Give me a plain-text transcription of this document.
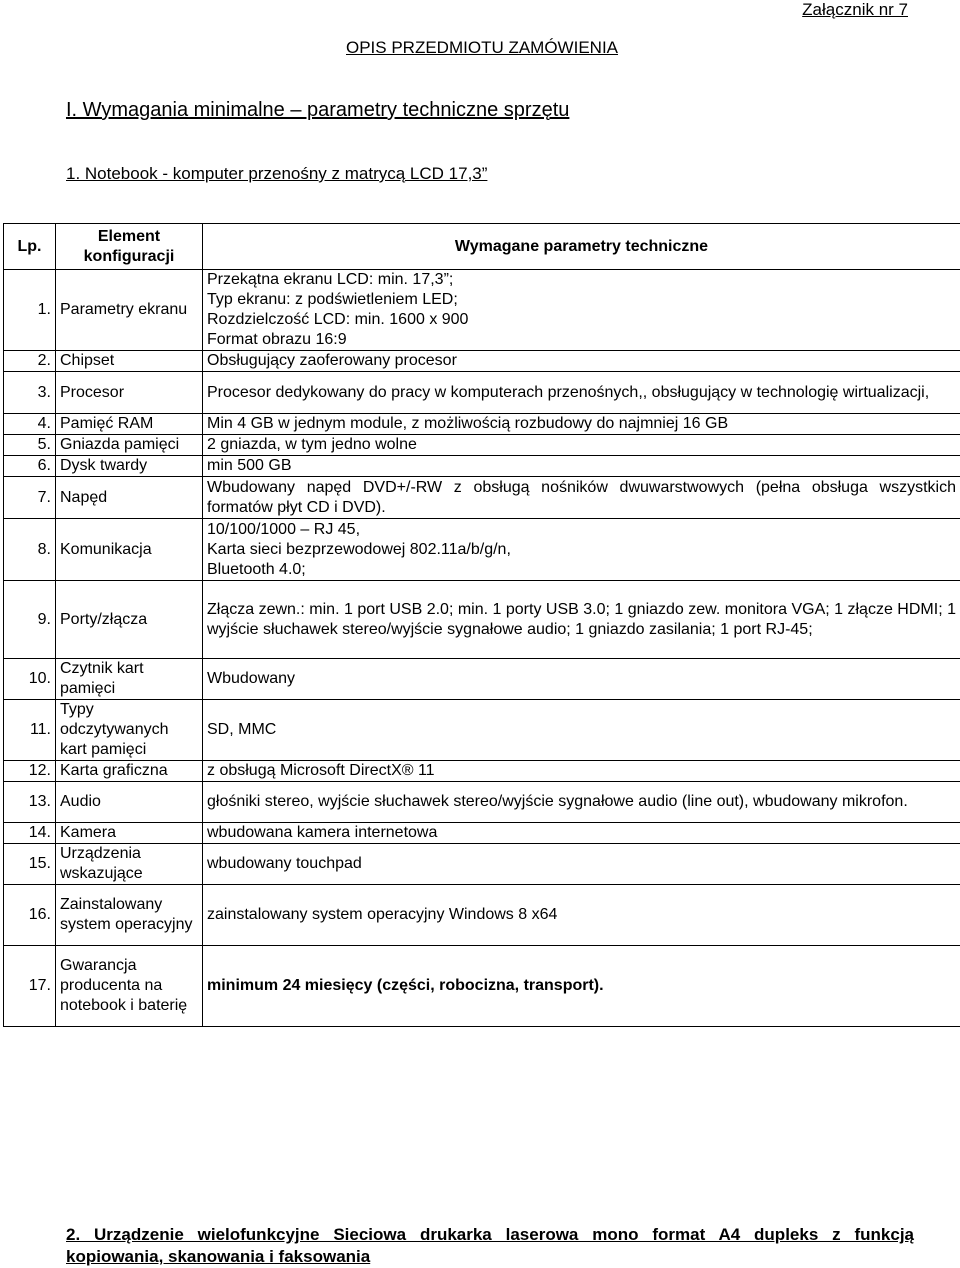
Załącznik nr 7
OPIS PRZEDMIOTU ZAMÓWIENIA
I. Wymagania minimalne – parametry techniczne sprzętu
1. Notebook - komputer przenośny z matrycą LCD 17,3”
Lp.	Element konfiguracji	Wymagane parametry techniczne
1.	Parametry ekranu	Przekątna ekranu LCD: min. 17,3”;
Typ ekranu: z podświetleniem LED;
Rozdzielczość LCD: min. 1600 x 900
Format obrazu 16:9
2.	Chipset	Obsługujący zaoferowany procesor
3.	Procesor	Procesor dedykowany do pracy w komputerach przenośnych,, obsługujący w technologię wirtualizacji,
4.	Pamięć RAM	Min 4 GB w jednym module, z możliwością rozbudowy do najmniej 16 GB
5.	Gniazda pamięci	2 gniazda, w tym jedno wolne
6.	Dysk twardy	min 500 GB
7.	Napęd	Wbudowany napęd DVD+/-RW z obsługą nośników dwuwarstwowych (pełna obsługa wszystkich formatów płyt CD i DVD).
8.	Komunikacja	10/100/1000 – RJ 45,
Karta sieci bezprzewodowej 802.11a/b/g/n,
Bluetooth 4.0;
9.	Porty/złącza	Złącza zewn.: min. 1 port USB 2.0; min. 1 porty USB 3.0; 1 gniazdo zew. monitora VGA; 1 złącze HDMI; 1 wyjście słuchawek stereo/wyjście sygnałowe audio; 1 gniazdo zasilania; 1 port RJ-45;
10.	Czytnik kart pamięci	Wbudowany
11.	Typy odczytywanych kart pamięci	SD, MMC
12.	Karta graficzna	z obsługą Microsoft DirectX® 11
13.	Audio	głośniki stereo, wyjście słuchawek stereo/wyjście sygnałowe audio (line out), wbudowany mikrofon.
14.	Kamera	wbudowana kamera internetowa
15.	Urządzenia wskazujące	wbudowany touchpad
16.	Zainstalowany system operacyjny	zainstalowany system operacyjny Windows 8 x64
17.	Gwarancja producenta na notebook i baterię	minimum 24 miesięcy (części, robocizna, transport).
2. Urządzenie wielofunkcyjne Sieciowa drukarka laserowa mono format A4 dupleks z funkcją kopiowania, skanowania i faksowania
